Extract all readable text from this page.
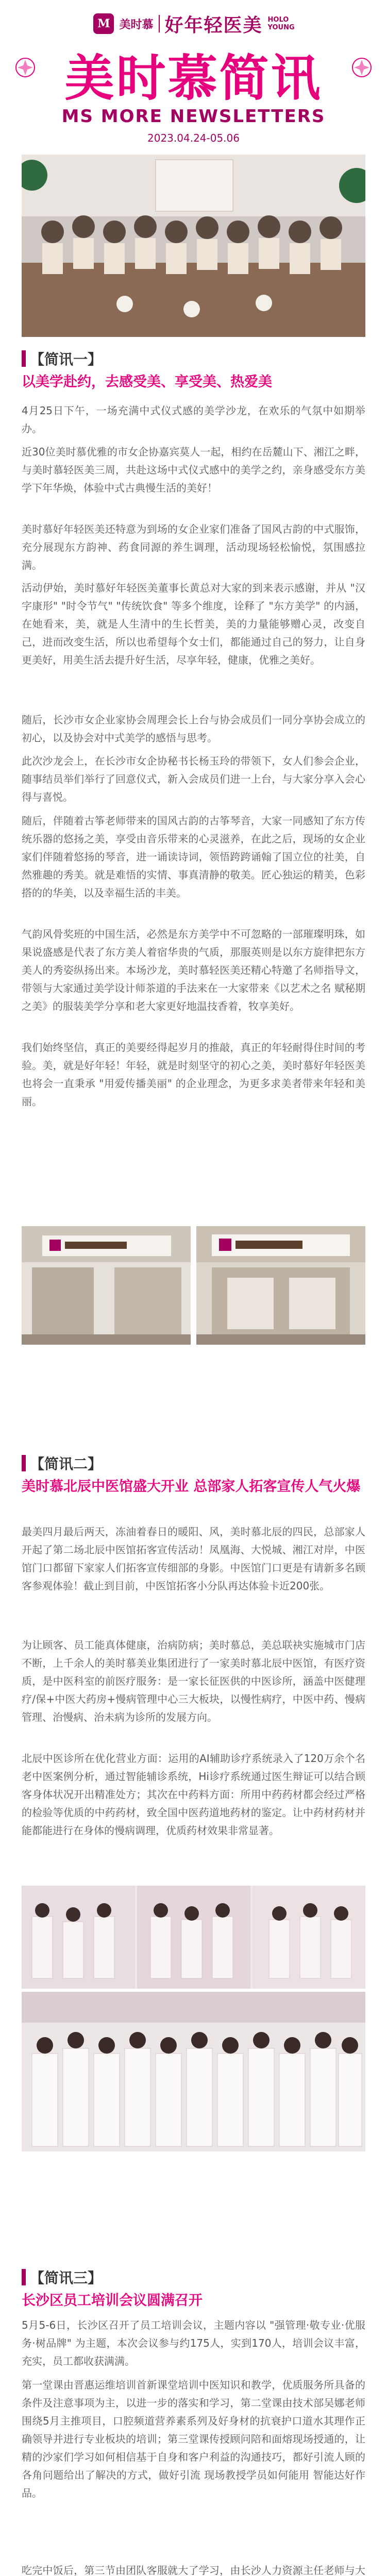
M 美时慕 好年轻医美 HOLO YOUNG
美时慕简讯
MS MORE NEWSLETTERS
2023.04.24-05.06
【简讯一】
以美学赴约，去感受美、享受美、热爱美
4月25日下午，一场充满中式仪式感的美学沙龙，在欢乐的气氛中如期举办。
近30位美时慕优雅的市女企协嘉宾莫人一起，相约在岳麓山下、湘江之畔，与美时慕轻医美三周，共赴这场中式仪式感中的美学之约，亲身感受东方美学下年华焕，体验中式古典慢生活的美好！
美时慕好年轻医美还特意为到场的女企业家们准备了国风古韵的中式服饰，充分展现东方韵神、药食同源的养生调理，活动现场轻松愉悦，氛围感拉满。
活动伊始，美时慕好年轻医美董事长黄总对大家的到来表示感谢，并从 "汉字康形" "时令节气" "传统饮食" 等多个维度，诠释了 "东方美学" 的内涵，在她看来，美，就是人生清中的生长哲美，美的力量能够赠心灵，改变自己，进而改变生活，所以也希望每个女士们，都能通过自己的努力，让自身更美好，用美生活去提升好生活，尽享年轻，健康，优雅之美好。
随后，长沙市女企业家协会周理会长上台与协会成员们一同分享协会成立的初心，以及协会对中式美学的感悟与思考。
此次沙龙会上，在长沙市女企协秘书长杨玉玲的带领下，女人们参会企业，随事结员举们举行了回意仪式，新入会成员们进一上台，与大家分享入会心得与喜悦。
随后，伴随着古筝老师带来的国风古韵的古筝琴音，大家一同感知了东方传统乐器的悠扬之美，享受由音乐带来的心灵滋养，在此之后，现场的女企业家们伴随着悠扬的琴音，进一诵读诗词，领悟跨跨诵翰了国立位的社美，自然雅趣的秀美。就是难悟的实情、事真清静的敬美。匠心独运的精美，色彩搭的的华美，以及幸福生活的丰美。
气韵风骨奖班的中国生活，必然是东方美学中不可忽略的一部璀璨明珠，如果说盛感是代表了东方美人着宿华贵的气质，那服英则是以东方旋律把东方美人的秀姿纵扬出来。本场沙龙，美时慕轻医美还精心特邀了名师指导文，带领与大家通过美学设计师茶道的手法来在一大家带来《以艺术之名 赋秘期之美》的服装美学分享和老大家更好地温技香着，牧享美好。
我们始终坚信，真正的美要经得起岁月的推敲，真正的年轻耐得住时间的考验。美，就是好年轻！年轻，就是时刻坚守的初心之美，美时慕好年轻医美也将会一直秉承 "用爱传播美丽" 的企业理念，为更多求美者带来年轻和美丽。
【简讯二】
美时慕北辰中医馆盛大开业 总部家人拓客宣传人气火爆
最美四月最后两天，冻油着春日的暖阳、风，美时慕北辰的四民，总部家人开起了第二场北辰中医馆拓客宣传活动！凤凰海、大悦城、湘江对岸，中医馆门口都留下家家人们拓客宣传细部的身影。中医馆门口更是有请新多名顾客参观体验！截止到目前，中医馆拓客小分队再达体验卡近200张。
为让顾客、员工能真体健康，治病防病；美时慕总，美总联袂实施城市门店不断，上千余人的美时慕美业集团进行了一家美时慕北辰中医馆，有医疗资质，是中医科室的前医疗服务：是一家长征医供的中医诊所，涵盖中医健理疗/保+中医大药房+慢病管理中心三大板块，以慢性病疗，中医中药、慢病管理、治慢病、治未病为诊所的发展方向。
北辰中医诊所在优化营业方面：运用的AI辅助诊疗系统录入了120万余个名老中医案例分析，通过智能辅诊系统，Hi诊疗系统通过医生辩证可以结合顾客身体状况开出精准处方；其次在中药料方面：所用中药药材都会经过严格的检验等优质的中药药材，致全国中医药道地药材的鉴定。让中药材药材并能都能进行在身体的慢病调理，优质药材效果非常显著。
【简讯三】
长沙区员工培训会议圆满召开
5月5-6日，长沙区召开了员工培训会议，主题内容以 "强管理·敬专业·优服务·树品牌" 为主题，本次会议参与约175人，实到170人，培训会议丰富，充实，员工都收获满满。
第一堂课由晋惠运维培训首新课堂培训中医知识和教学，优质服务所具备的条件及注意事项为主，以进一步的落实和学习，第二堂课由技术部吴娜老师围绕5月主推项目，口腔频道营养素系列及好身材的抗衰护口道水其理作正确领导并进行专业板块的培训；第三堂课传授顾问陪和面熔现场授通的，让精的沙家们学习如何相信基于自身和客户利益的沟通技巧，都好引流人顾的各角问题给出了解决的方式，做好引流 现场教授学员如何能用 智能达好作品。
吃完中饭后，第三节由团队客服就大了学习，由长沙人力资源主任老师与大
